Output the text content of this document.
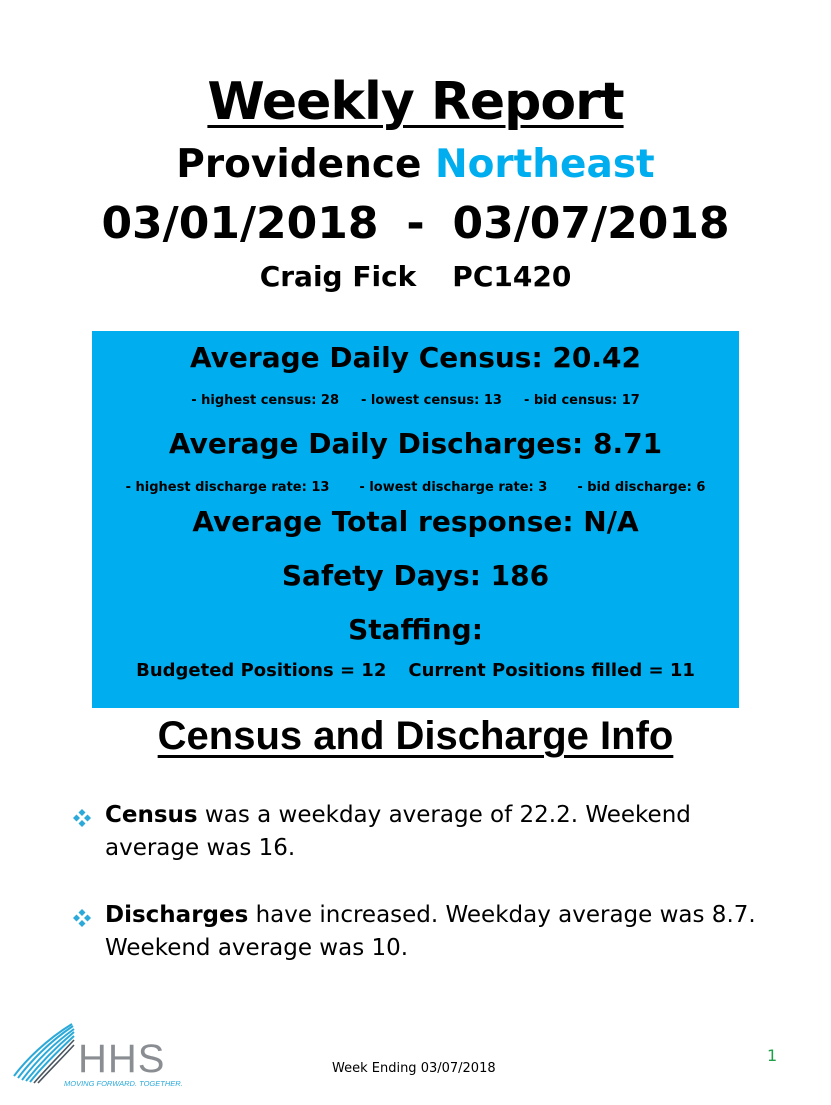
Weekly Report
Providence Northeast
03/01/2018 - 03/07/2018
Craig Fick PC1420
Average Daily Census: 20.42
- highest census: 28 - lowest census: 13 - bid census: 17
Average Daily Discharges: 8.71
- highest discharge rate: 13 - lowest discharge rate: 3 - bid discharge: 6
Average Total response: N/A
Safety Days: 186
Staffing:
Budgeted Positions = 12 Current Positions filled = 11
Census and Discharge Info
Census was a weekday average of 22.2. Weekend average was 16.
Discharges have increased. Weekday average was 8.7. Weekend average was 10.
HHS
MOVING FORWARD. TOGETHER.
Week Ending 03/07/2018
1
